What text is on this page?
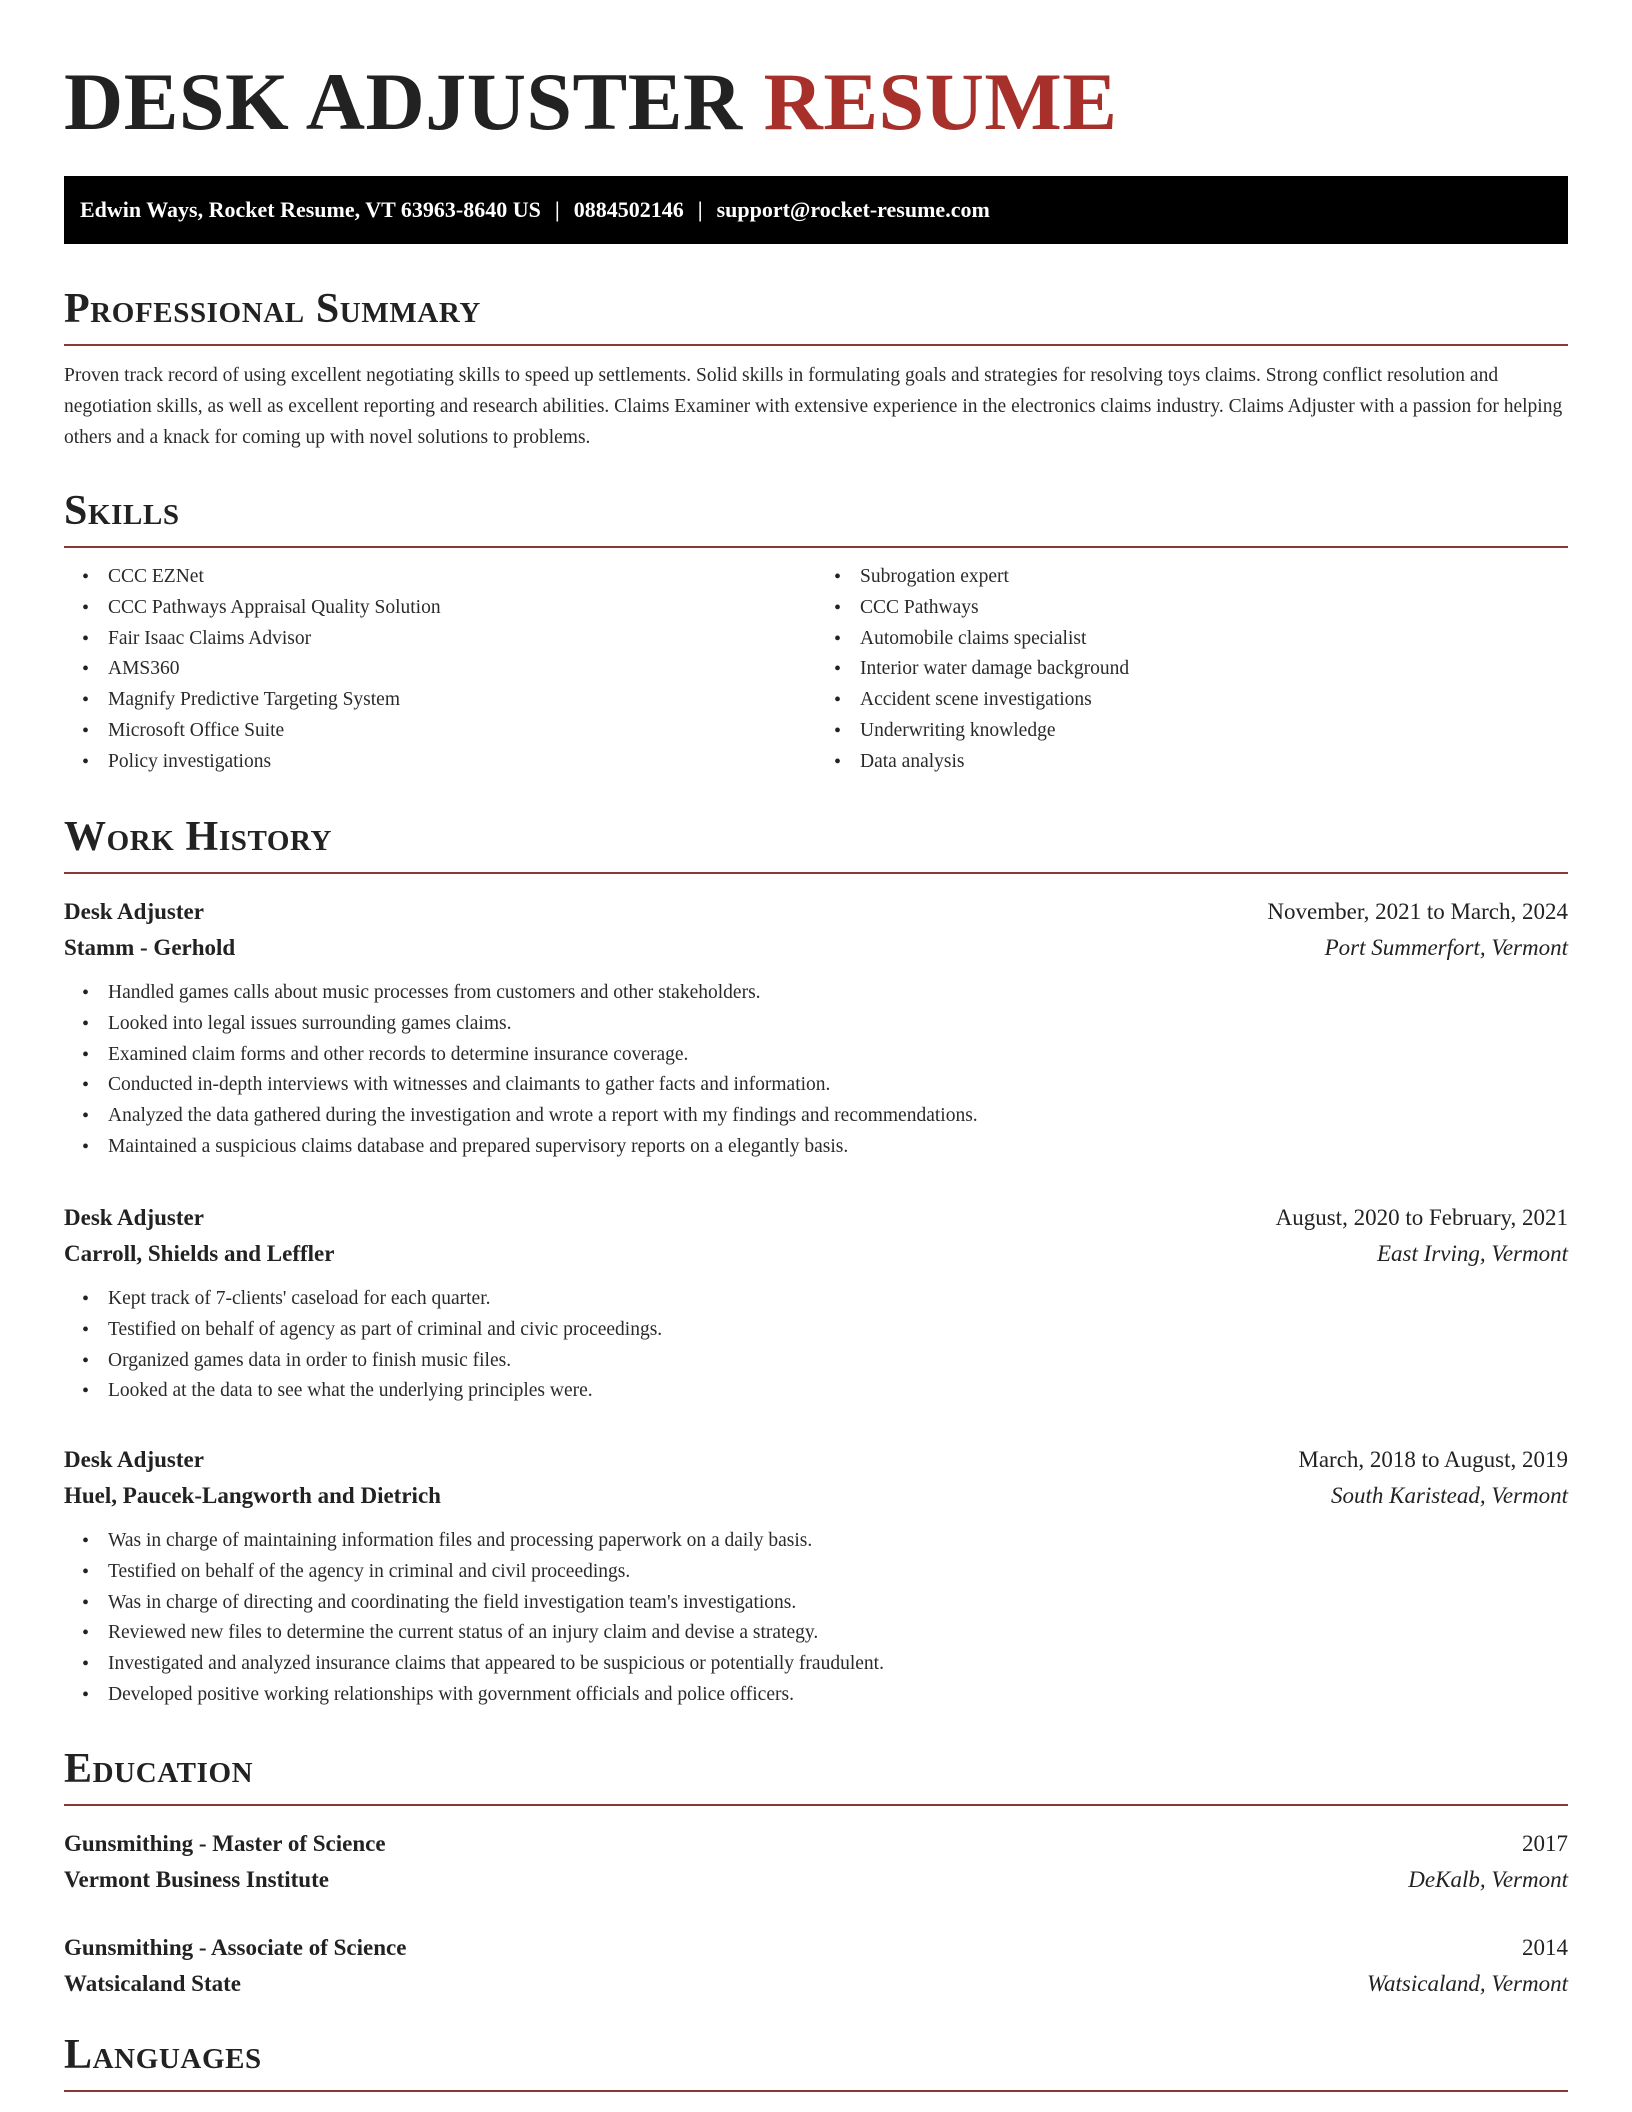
DESK ADJUSTER RESUME
Edwin Ways, Rocket Resume, VT 63963-8640 US | 0884502146 | support@rocket-resume.com
Professional Summary

Proven track record of using excellent negotiating skills to speed up settlements. Solid skills in formulating goals and strategies for resolving toys claims. Strong conflict resolution and negotiation skills, as well as excellent reporting and research abilities. Claims Examiner with extensive experience in the electronics claims industry. Claims Adjuster with a passion for helping others and a knack for coming up with novel solutions to problems.

Skills
• CCC EZNet
• CCC Pathways Appraisal Quality Solution
• Fair Isaac Claims Advisor
• AMS360
• Magnify Predictive Targeting System
• Microsoft Office Suite
• Policy investigations
• Subrogation expert
• CCC Pathways
• Automobile claims specialist
• Interior water damage background
• Accident scene investigations
• Underwriting knowledge
• Data analysis
Work History
Desk Adjuster	November, 2021 to March, 2024
Stamm - Gerhold	Port Summerfort, Vermont
• Handled games calls about music processes from customers and other stakeholders.
• Looked into legal issues surrounding games claims.
• Examined claim forms and other records to determine insurance coverage.
• Conducted in-depth interviews with witnesses and claimants to gather facts and information.
• Analyzed the data gathered during the investigation and wrote a report with my findings and recommendations.
• Maintained a suspicious claims database and prepared supervisory reports on a elegantly basis.
Desk Adjuster	August, 2020 to February, 2021
Carroll, Shields and Leffler	East Irving, Vermont
• Kept track of 7-clients' caseload for each quarter.
• Testified on behalf of agency as part of criminal and civic proceedings.
• Organized games data in order to finish music files.
• Looked at the data to see what the underlying principles were.
Desk Adjuster	March, 2018 to August, 2019
Huel, Paucek-Langworth and Dietrich	South Karistead, Vermont
• Was in charge of maintaining information files and processing paperwork on a daily basis.
• Testified on behalf of the agency in criminal and civil proceedings.
• Was in charge of directing and coordinating the field investigation team's investigations.
• Reviewed new files to determine the current status of an injury claim and devise a strategy.
• Investigated and analyzed insurance claims that appeared to be suspicious or potentially fraudulent.
• Developed positive working relationships with government officials and police officers.
Education
Gunsmithing - Master of Science	2017
Vermont Business Institute	DeKalb, Vermont
Gunsmithing - Associate of Science	2014
Watsicaland State	Watsicaland, Vermont
Languages
